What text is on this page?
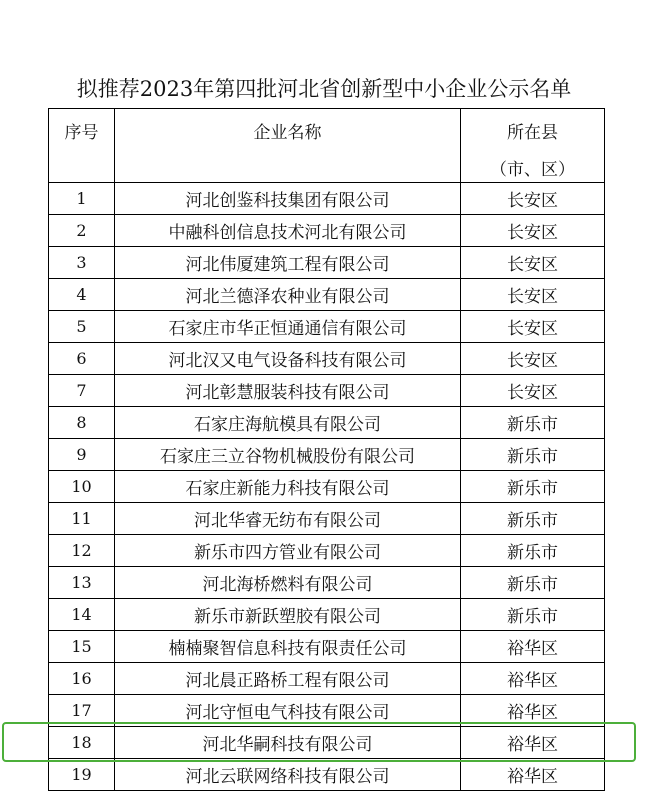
拟推荐2023年第四批河北省创新型中小企业公示名单
序号	企业名称	所在县
（市、区）

1	河北创鉴科技集团有限公司	长安区
2	中融科创信息技术河北有限公司	长安区
3	河北伟厦建筑工程有限公司	长安区
4	河北兰德泽农种业有限公司	长安区
5	石家庄市华正恒通通信有限公司	长安区
6	河北汉又电气设备科技有限公司	长安区
7	河北彰慧服装科技有限公司	长安区
8	石家庄海航模具有限公司	新乐市
9	石家庄三立谷物机械股份有限公司	新乐市
10	石家庄新能力科技有限公司	新乐市
11	河北华睿无纺布有限公司	新乐市
12	新乐市四方管业有限公司	新乐市
13	河北海桥燃料有限公司	新乐市
14	新乐市新跃塑胶有限公司	新乐市
15	楠楠聚智信息科技有限责任公司	裕华区
16	河北晨正路桥工程有限公司	裕华区
17	河北守恒电气科技有限公司	裕华区
18	河北华嗣科技有限公司	裕华区
19	河北云联网络科技有限公司	裕华区
